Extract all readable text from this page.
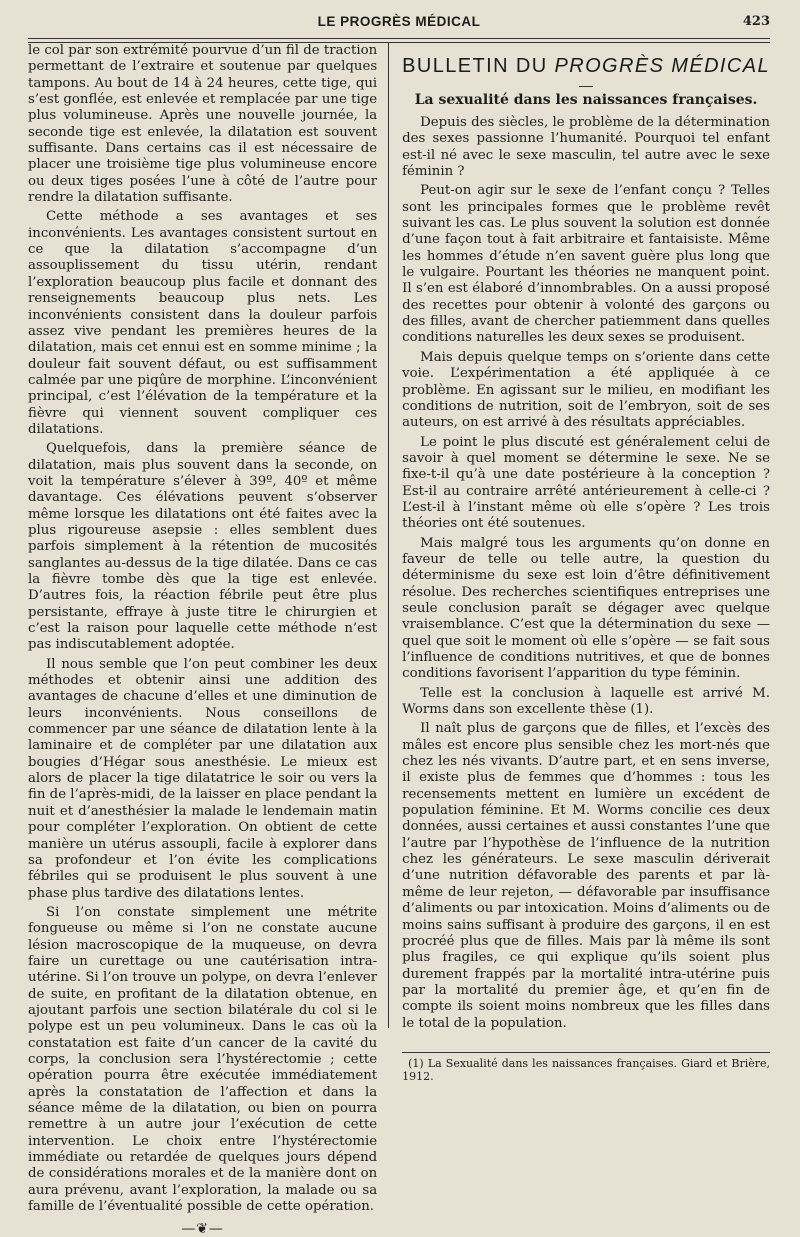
LE PROGRÈS MÉDICAL	423

le col par son extrémité pourvue d’un fil de traction permettant de l’extraire et soutenue par quelques tampons. Au bout de 14 à 24 heures, cette tige, qui s’est gonflée, est enlevée et remplacée par une tige plus volumineuse. Après une nouvelle journée, la seconde tige est enlevée, la dilatation est souvent suffisante. Dans certains cas il est nécessaire de placer une troisième tige plus volumineuse encore ou deux tiges posées l’une à côté de l’autre pour rendre la dilatation suffisante.

Cette méthode a ses avantages et ses inconvénients. Les avantages consistent surtout en ce que la dilatation s’accompagne d’un assouplissement du tissu utérin, rendant l’exploration beaucoup plus facile et donnant des renseignements beaucoup plus nets. Les inconvénients consistent dans la douleur parfois assez vive pendant les premières heures de la dilatation, mais cet ennui est en somme minime ; la douleur fait souvent défaut, ou est suffisamment calmée par une piqûre de morphine. L’inconvénient principal, c’est l’élévation de la température et la fièvre qui viennent souvent compliquer ces dilatations.

Quelquefois, dans la première séance de dilatation, mais plus souvent dans la seconde, on voit la température s’élever à 39º, 40º et même davantage. Ces élévations peuvent s’observer même lorsque les dilatations ont été faites avec la plus rigoureuse asepsie : elles semblent dues parfois simplement à la rétention de mucosités sanglantes au-dessus de la tige dilatée. Dans ce cas la fièvre tombe dès que la tige est enlevée. D’autres fois, la réaction fébrile peut être plus persistante, effraye à juste titre le chirurgien et c’est la raison pour laquelle cette méthode n’est pas indiscutablement adoptée.

Il nous semble que l’on peut combiner les deux méthodes et obtenir ainsi une addition des avantages de chacune d’elles et une diminution de leurs inconvénients. Nous conseillons de commencer par une séance de dilatation lente à la laminaire et de compléter par une dilatation aux bougies d’Hégar sous anesthésie. Le mieux est alors de placer la tige dilatatrice le soir ou vers la fin de l’après-midi, de la laisser en place pendant la nuit et d’anesthésier la malade le lendemain matin pour compléter l’exploration. On obtient de cette manière un utérus assoupli, facile à explorer dans sa profondeur et l’on évite les complications fébriles qui se produisent le plus souvent à une phase plus tardive des dilatations lentes.

Si l’on constate simplement une métrite fongueuse ou même si l’on ne constate aucune lésion macroscopique de la muqueuse, on devra faire un curettage ou une cautérisation intra-utérine. Si l’on trouve un polype, on devra l’enlever de suite, en profitant de la dilatation obtenue, en ajoutant parfois une section bilatérale du col si le polype est un peu volumineux. Dans le cas où la constatation est faite d’un cancer de la cavité du corps, la conclusion sera l’hystérectomie ; cette opération pourra être exécutée immédiatement après la constatation de l’affection et dans la séance même de la dilatation, ou bien on pourra remettre à un autre jour l’exécution de cette intervention. Le choix entre l’hystérectomie immédiate ou retardée de quelques jours dépend de considérations morales et de la manière dont on aura prévenu, avant l’exploration, la malade ou sa famille de l’éventualité possible de cette opération.

—❦—
BULLETIN DU PROGRÈS MÉDICAL
La sexualité dans les naissances françaises.

Depuis des siècles, le problème de la détermination des sexes passionne l’humanité. Pourquoi tel enfant est-il né avec le sexe masculin, tel autre avec le sexe féminin ?

Peut-on agir sur le sexe de l’enfant conçu ? Telles sont les principales formes que le problème revêt suivant les cas. Le plus souvent la solution est donnée d’une façon tout à fait arbitraire et fantaisiste. Même les hommes d’étude n’en savent guère plus long que le vulgaire. Pourtant les théories ne manquent point. Il s’en est élaboré d’innombrables. On a aussi proposé des recettes pour obtenir à volonté des garçons ou des filles, avant de chercher patiemment dans quelles conditions naturelles les deux sexes se produisent.

Mais depuis quelque temps on s’oriente dans cette voie. L’expérimentation a été appliquée à ce problème. En agissant sur le milieu, en modifiant les conditions de nutrition, soit de l’embryon, soit de ses auteurs, on est arrivé à des résultats appréciables.

Le point le plus discuté est généralement celui de savoir à quel moment se détermine le sexe. Ne se fixe-t-il qu’à une date postérieure à la conception ? Est-il au contraire arrêté antérieurement à celle-ci ? L’est-il à l’instant même où elle s’opère ? Les trois théories ont été soutenues.

Mais malgré tous les arguments qu’on donne en faveur de telle ou telle autre, la question du déterminisme du sexe est loin d’être définitivement résolue. Des recherches scientifiques entreprises une seule conclusion paraît se dégager avec quelque vraisemblance. C’est que la détermination du sexe — quel que soit le moment où elle s’opère — se fait sous l’influence de conditions nutritives, et que de bonnes conditions favorisent l’apparition du type féminin.

Telle est la conclusion à laquelle est arrivé M. Worms dans son excellente thèse (1).

Il naît plus de garçons que de filles, et l’excès des mâles est encore plus sensible chez les mort-nés que chez les nés vivants. D’autre part, et en sens inverse, il existe plus de femmes que d’hommes : tous les recensements mettent en lumière un excédent de population féminine. Et M. Worms concilie ces deux données, aussi certaines et aussi constantes l’une que l’autre par l’hypothèse de l’influence de la nutrition chez les générateurs. Le sexe masculin dériverait d’une nutrition défavorable des parents et par là-même de leur rejeton, — défavorable par insuffisance d’aliments ou par intoxication. Moins d’aliments ou de moins sains suffisant à produire des garçons, il en est procréé plus que de filles. Mais par là même ils sont plus fragiles, ce qui explique qu’ils soient plus durement frappés par la mortalité intra-utérine puis par la mortalité du premier âge, et qu’en fin de compte ils soient moins nombreux que les filles dans le total de la population.

(1) La Sexualité dans les naissances françaises. Giard et Brière, 1912.
